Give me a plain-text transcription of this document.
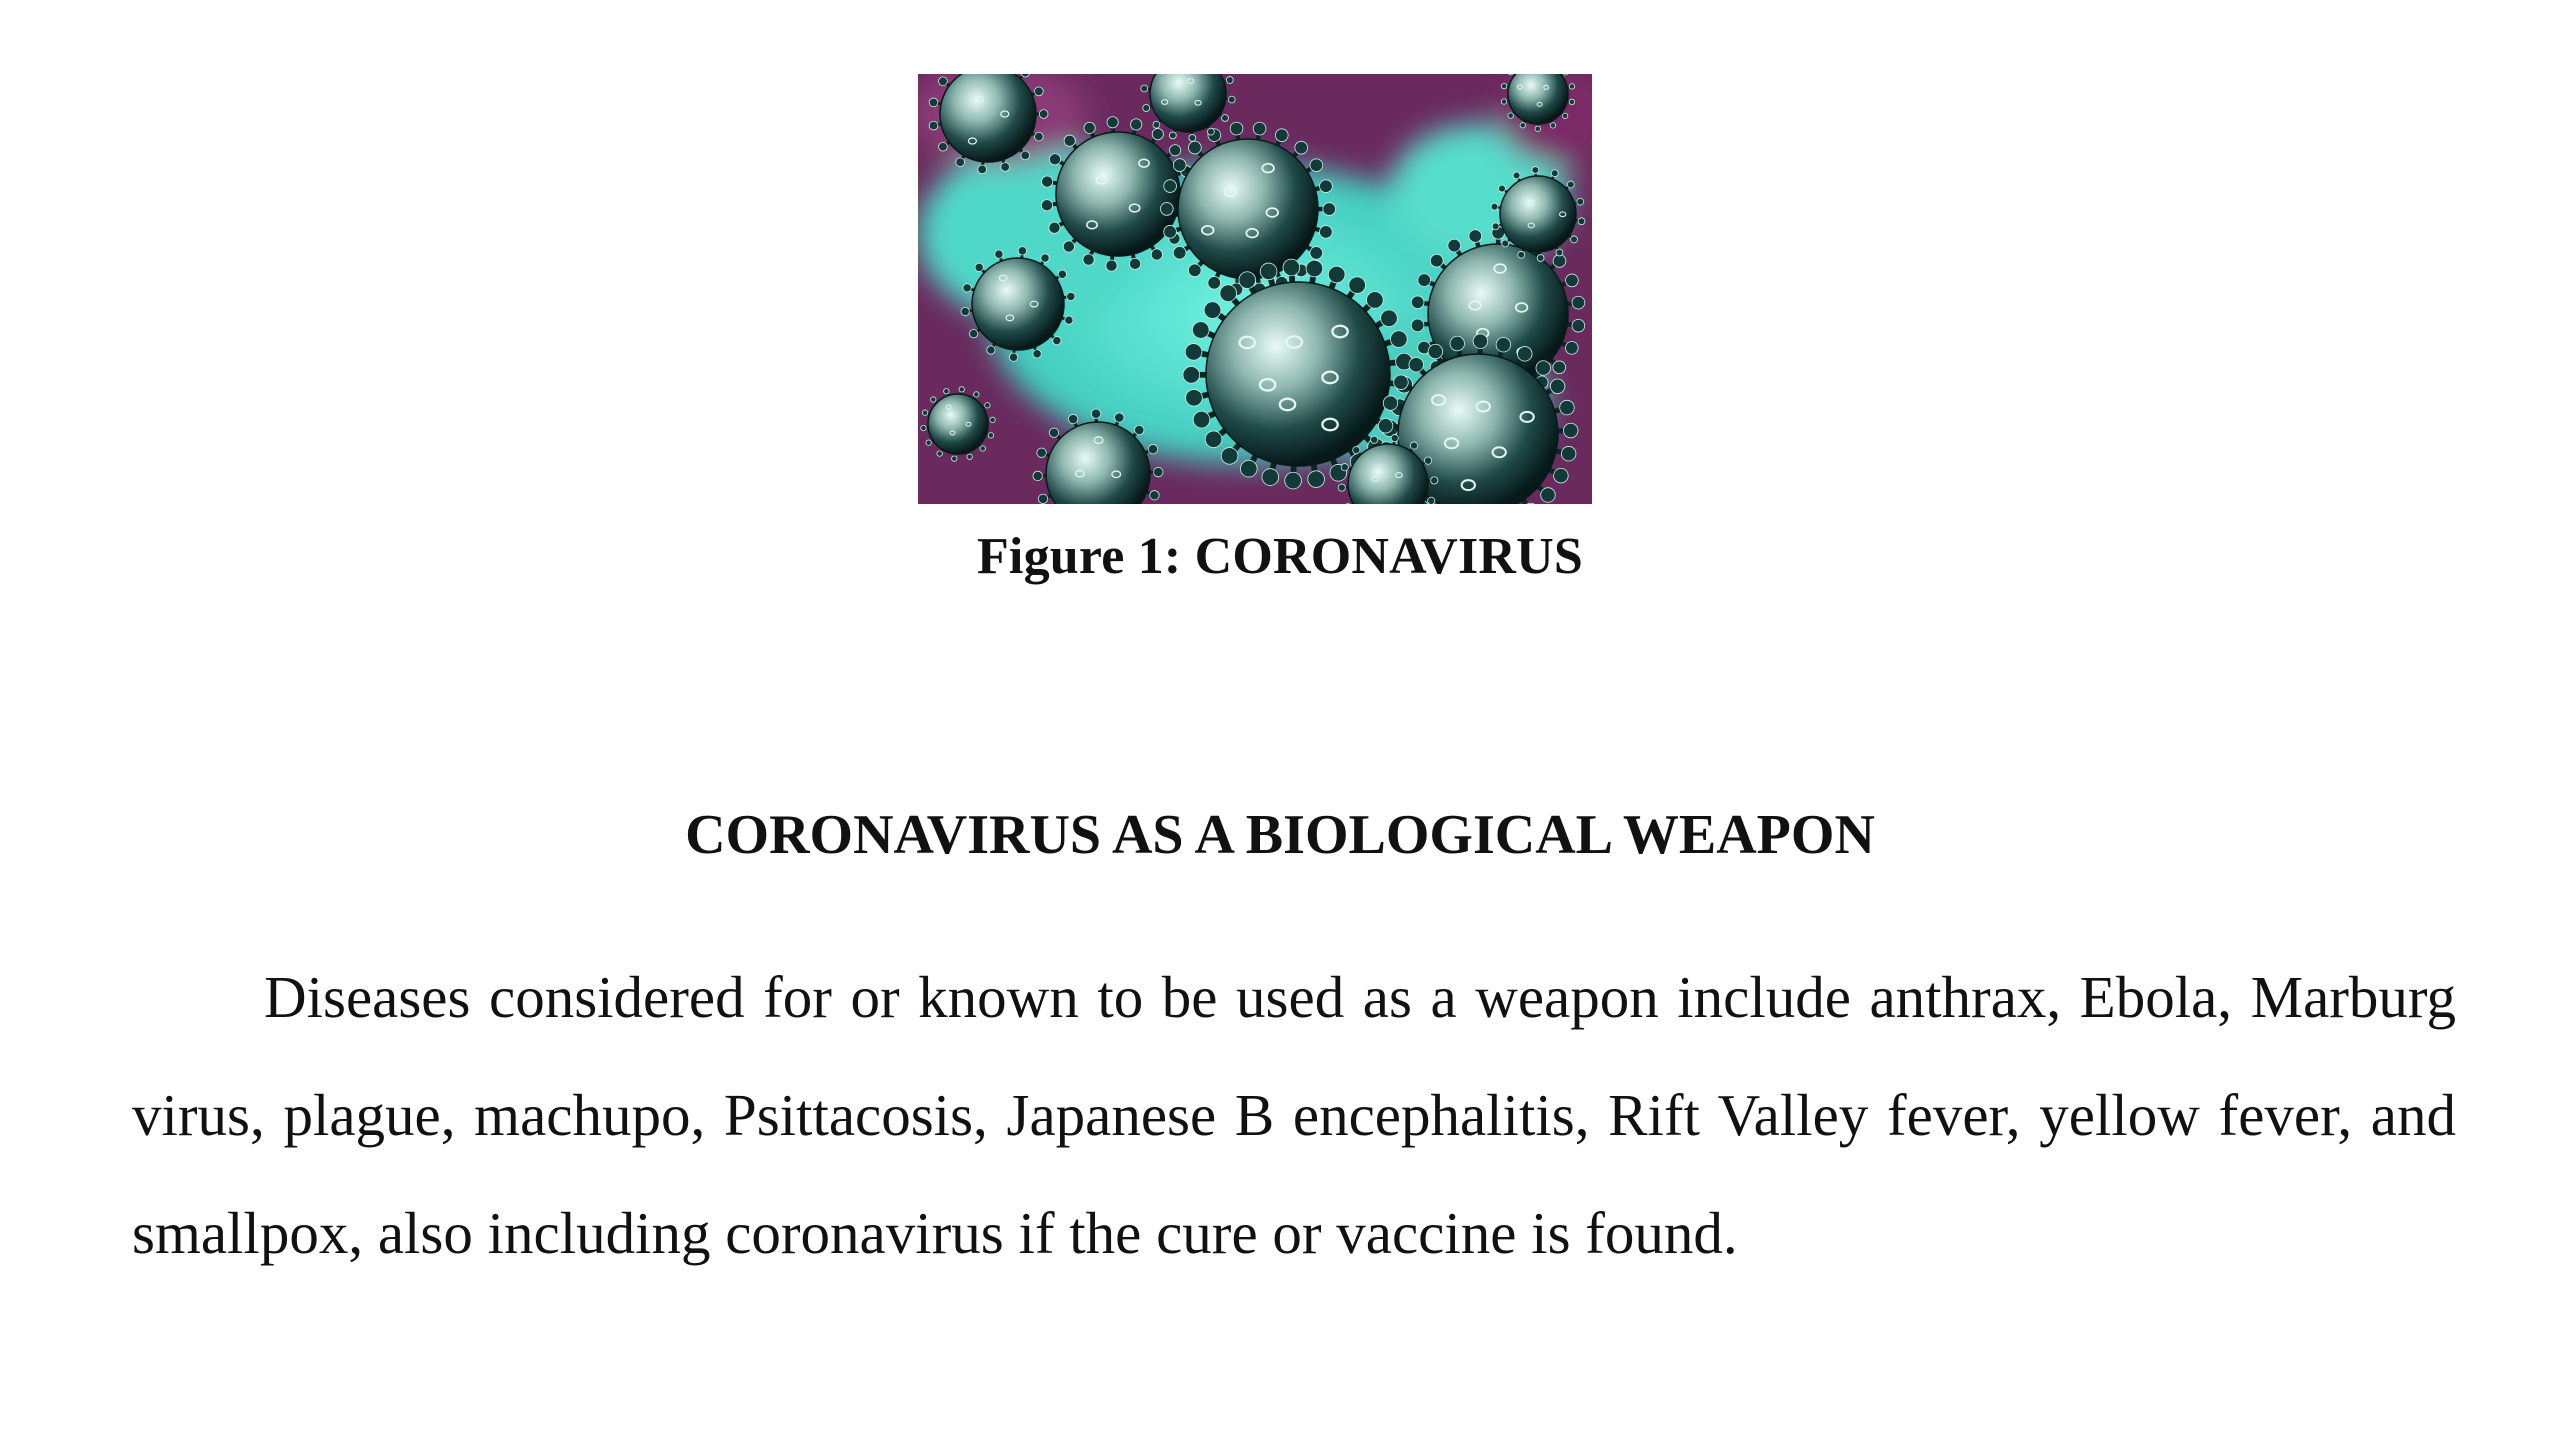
Figure 1: CORONAVIRUS
CORONAVIRUS AS A BIOLOGICAL WEAPON

Diseases considered for or known to be used as a weapon include anthrax, Ebola, Marburg virus, plague, machupo, Psittacosis, Japanese B encephalitis, Rift Valley fever, yellow fever, and smallpox, also including coronavirus if the cure or vaccine is found.
